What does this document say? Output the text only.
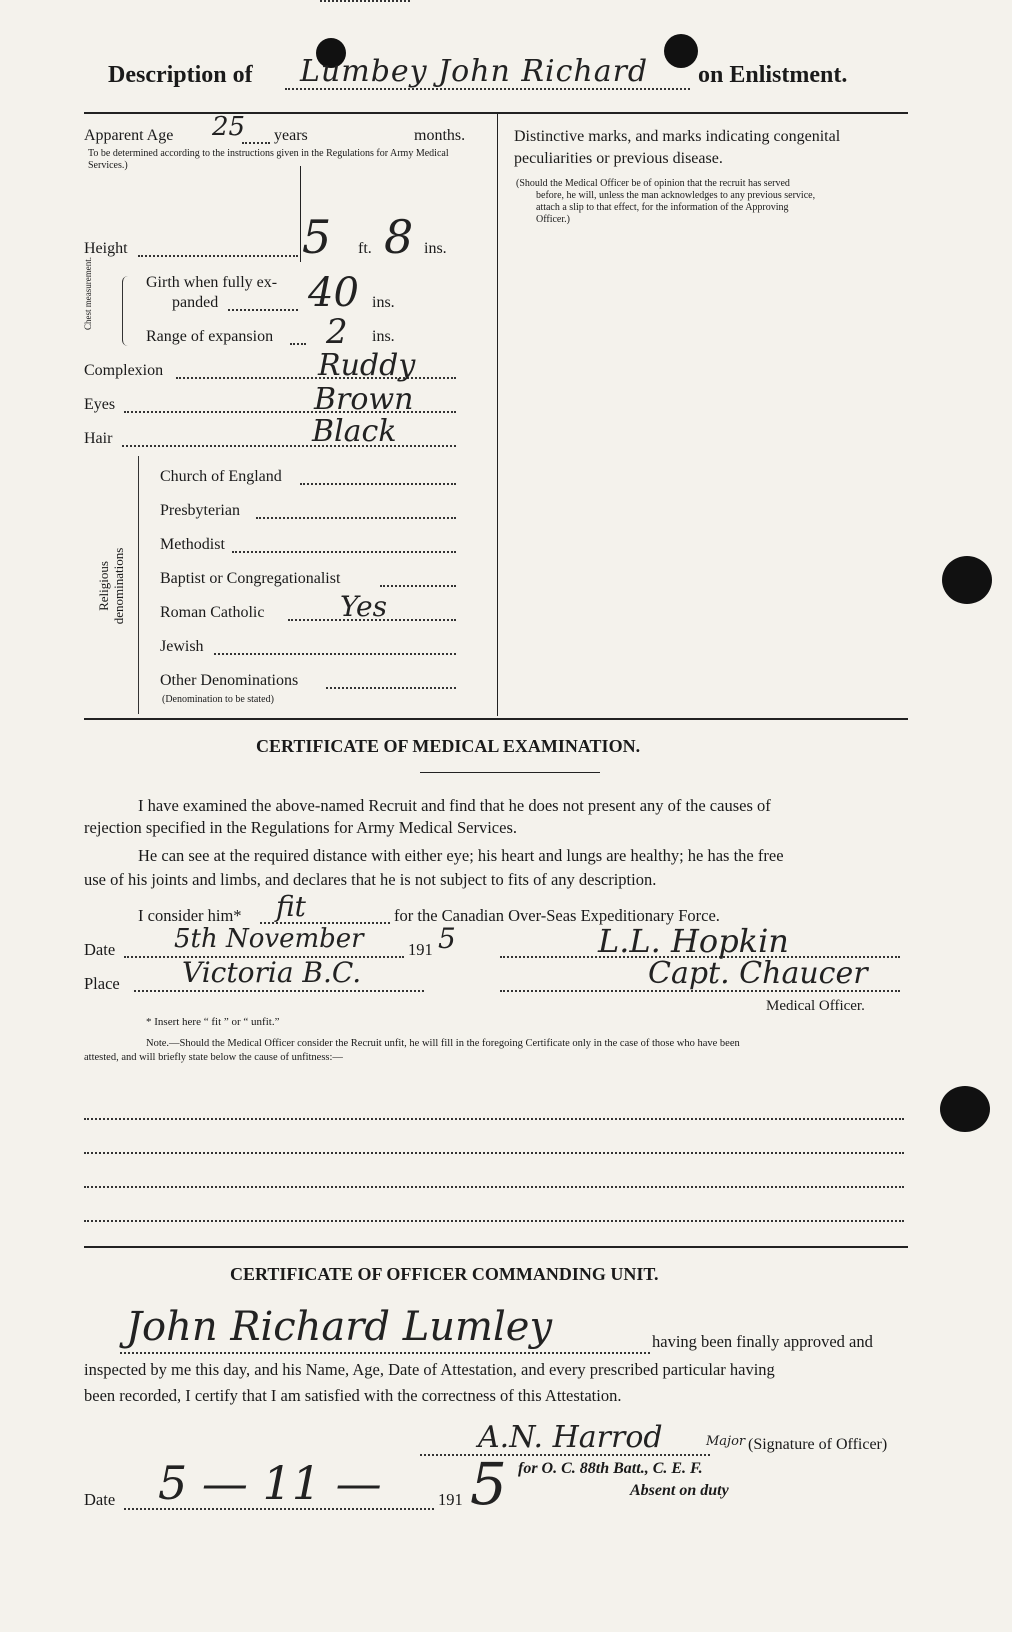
Description of Lumbey John Richard on Enlistment.
Apparent Age 25 years	months.
To be determined according to the instructions given in the Regulations for Army Medical Services.)
Height	5 ft. 8 ins.
Chest measurement.	Girth when fully ex-
panded 40 ins.
Range of expansion 2 ins.
Complexion	Ruddy
Eyes	Brown
Hair	Black
Religious denominations
Church of England
Presbyterian
Methodist
Baptist or Congregationalist
Roman Catholic	Yes
Jewish
Other Denominations
(Denomination to be stated)
Distinctive marks, and marks indicating congenital
peculiarities or previous disease.
(Should the Medical Officer be of opinion that the recruit has served
before, he will, unless the man acknowledges to any previous service,
attach a slip to that effect, for the information of the Approving
Officer.)
CERTIFICATE OF MEDICAL EXAMINATION.
I have examined the above-named Recruit and find that he does not present any of the causes of
rejection specified in the Regulations for Army Medical Services.
He can see at the required distance with either eye; his heart and lungs are healthy; he has the free
use of his joints and limbs, and declares that he is not subject to fits of any description.
I consider him* fit	for the Canadian Over-Seas Expeditionary Force.
Date 5th November	191 5	L.L. Hopkin
Place Victoria B.C.	Capt. Chaucer
Medical Officer.
* Insert here “ fit ” or “ unfit.”
Note.—Should the Medical Officer consider the Recruit unfit, he will fill in the foregoing Certificate only in the case of those who have been
attested, and will briefly state below the cause of unfitness:—
CERTIFICATE OF OFFICER COMMANDING UNIT.
John Richard Lumley	having been finally approved and
inspected by me this day, and his Name, Age, Date of Attestation, and every prescribed particular having
been recorded, I certify that I am satisfied with the correctness of this Attestation.
A.N. Harrod	Major (Signature of Officer)
for O. C. 88th Batt., C. E. F.
Absent on duty
Date 5 — 11 —	191 5
